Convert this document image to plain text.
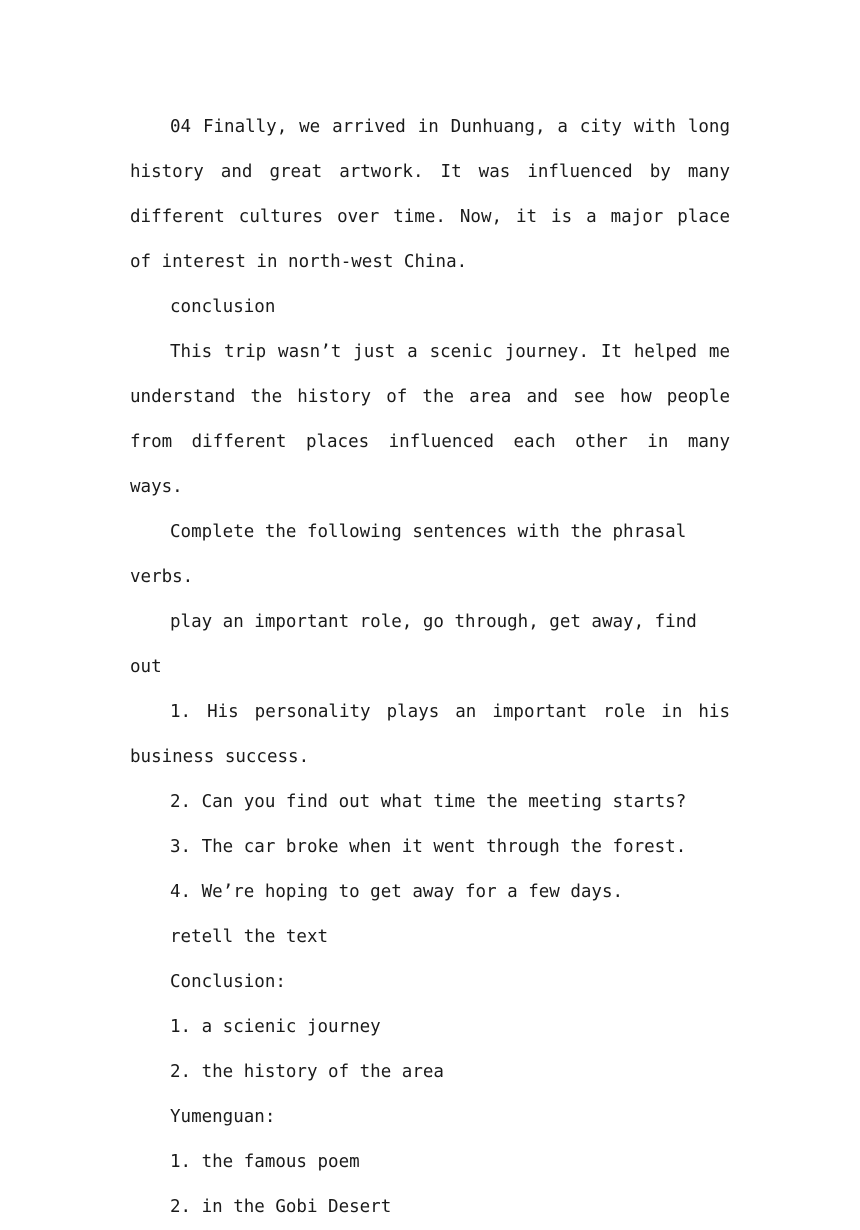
04 Finally, we arrived in Dunhuang, a city with long history and great artwork. It was influenced by many different cultures over time. Now, it is a major place of interest in north-west China.

conclusion

This trip wasn’t just a scenic journey. It helped me understand the history of the area and see how people from different places influenced each other in many ways.

Complete the following sentences with the phrasal verbs.

play an important role, go through, get away, find out

1. His personality plays an important role in his business success.

2. Can you find out what time the meeting starts?

3. The car broke when it went through the forest.

4. We’re hoping to get away for a few days.

retell the text

Conclusion:

1. a scienic journey

2. the history of the area

Yumenguan:

1. the famous poem

2. in the Gobi Desert
